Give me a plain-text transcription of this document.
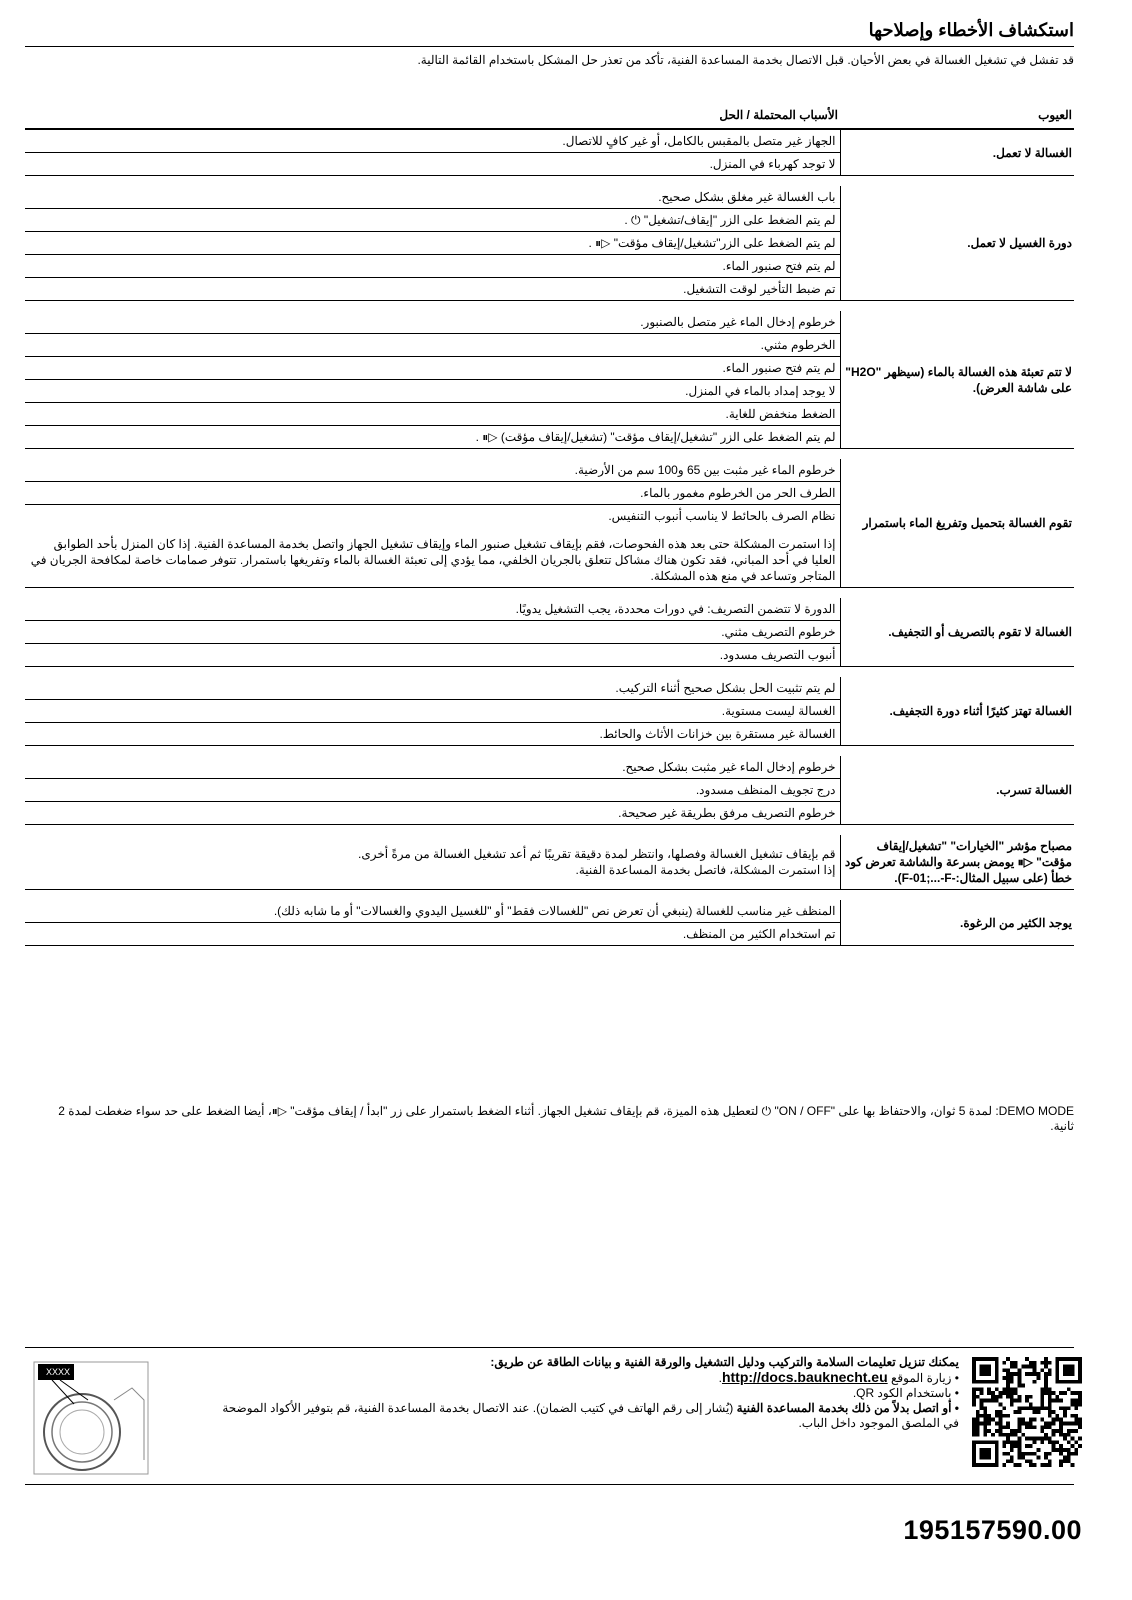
استكشاف الأخطاء وإصلاحها
قد تفشل في تشغيل الغسالة في بعض الأحيان. قبل الاتصال بخدمة المساعدة الفنية، تأكد من تعذر حل المشكل باستخدام القائمة التالية.
العيوب	الأسباب المحتملة / الحل
الغسالة لا تعمل.	الجهاز غير متصل بالمقبس بالكامل، أو غير كافٍ للاتصال.
	لا توجد كهرباء في المنزل.

دورة الغسيل لا تعمل.	باب الغسالة غير مغلق بشكل صحيح.
	لم يتم الضغط على الزر "إيقاف/تشغيل" ⏻ .
	لم يتم الضغط على الزر"تشغيل/إيقاف مؤقت" ▷⏸ .
	لم يتم فتح صنبور الماء.
	تم ضبط التأخير لوقت التشغيل.

لا تتم تعبئة هذه الغسالة بالماء (سيظهر "H2O" على شاشة العرض).	خرطوم إدخال الماء غير متصل بالصنبور.
	الخرطوم مثني.
	لم يتم فتح صنبور الماء.
	لا يوجد إمداد بالماء في المنزل.
	الضغط منخفض للغاية.
	لم يتم الضغط على الزر "تشغيل/إيقاف مؤقت" (تشغيل/إيقاف مؤقت) ▷⏸ .

تقوم الغسالة بتحميل وتفريغ الماء باستمرار	خرطوم الماء غير مثبت بين 65 و100 سم من الأرضية.
	الطرف الحر من الخرطوم مغمور بالماء.
	نظام الصرف بالحائط لا يناسب أنبوب التنفيس.
إذا استمرت المشكلة حتى بعد هذه الفحوصات، فقم بإيقاف تشغيل صنبور الماء وإيقاف تشغيل الجهاز واتصل بخدمة المساعدة الفنية. إذا كان المنزل بأحد الطوابق العليا في أحد المباني، فقد تكون هناك مشاكل تتعلق بالجريان الخلفي، مما يؤدي إلى تعبئة الغسالة بالماء وتفريغها باستمرار. تتوفر صمامات خاصة لمكافحة الجريان في المتاجر وتساعد في منع هذه المشكلة.

الغسالة لا تقوم بالتصريف أو التجفيف.	الدورة لا تتضمن التصريف: في دورات محددة، يجب التشغيل يدويًا.
	خرطوم التصريف مثني.
	أنبوب التصريف مسدود.

الغسالة تهتز كثيرًا أثناء دورة التجفيف.	لم يتم تثبيت الحل بشكل صحيح أثناء التركيب.
	الغسالة ليست مستوية.
	الغسالة غير مستقرة بين خزانات الأثاث والحائط.

الغسالة تسرب.	خرطوم إدخال الماء غير مثبت بشكل صحيح.
	درج تجويف المنظف مسدود.
	خرطوم التصريف مرفق بطريقة غير صحيحة.

مصباح مؤشر "الخيارات" "تشغيل/إيقاف مؤقت" ▷⏸ يومض بسرعة والشاشة تعرض كود خطأ (على سبيل المثال:-F-01;...-F).	قم بإيقاف تشغيل الغسالة وفصلها، وانتظر لمدة دقيقة تقريبًا ثم أعد تشغيل الغسالة من مرةً أخرى.
إذا استمرت المشكلة، فاتصل بخدمة المساعدة الفنية.

يوجد الكثير من الرغوة.	المنظف غير مناسب للغسالة (ينبغي أن تعرض نص "للغسالات فقط" أو "للغسيل اليدوي والغسالات" أو ما شابه ذلك).
	تم استخدام الكثير من المنظف.
DEMO MODE: لمدة 5 ثوان، والاحتفاظ بها على "ON / OFF" ⏻ لتعطيل هذه الميزة، قم بإيقاف تشغيل الجهاز. أثناء الضغط باستمرار على زر "ابدأ / إيقاف مؤقت" ▷⏸، أيضا الضغط على حد سواء ضغطت لمدة 2 ثانية.
يمكنك تنزيل تعليمات السلامة والتركيب ودليل التشغيل والورقة الفنية و بيانات الطاقة عن طريق:
• زيارة الموقع http://docs.bauknecht.eu.
• باستخدام الكود QR.
• أو اتصل بدلاً من ذلك بخدمة المساعدة الفنية (يُشار إلى رقم الهاتف في كتيب الضمان). عند الاتصال بخدمة المساعدة الفنية، قم بتوفير الأكواد الموضحة في الملصق الموجود داخل الباب.
XXXX
195157590.00
